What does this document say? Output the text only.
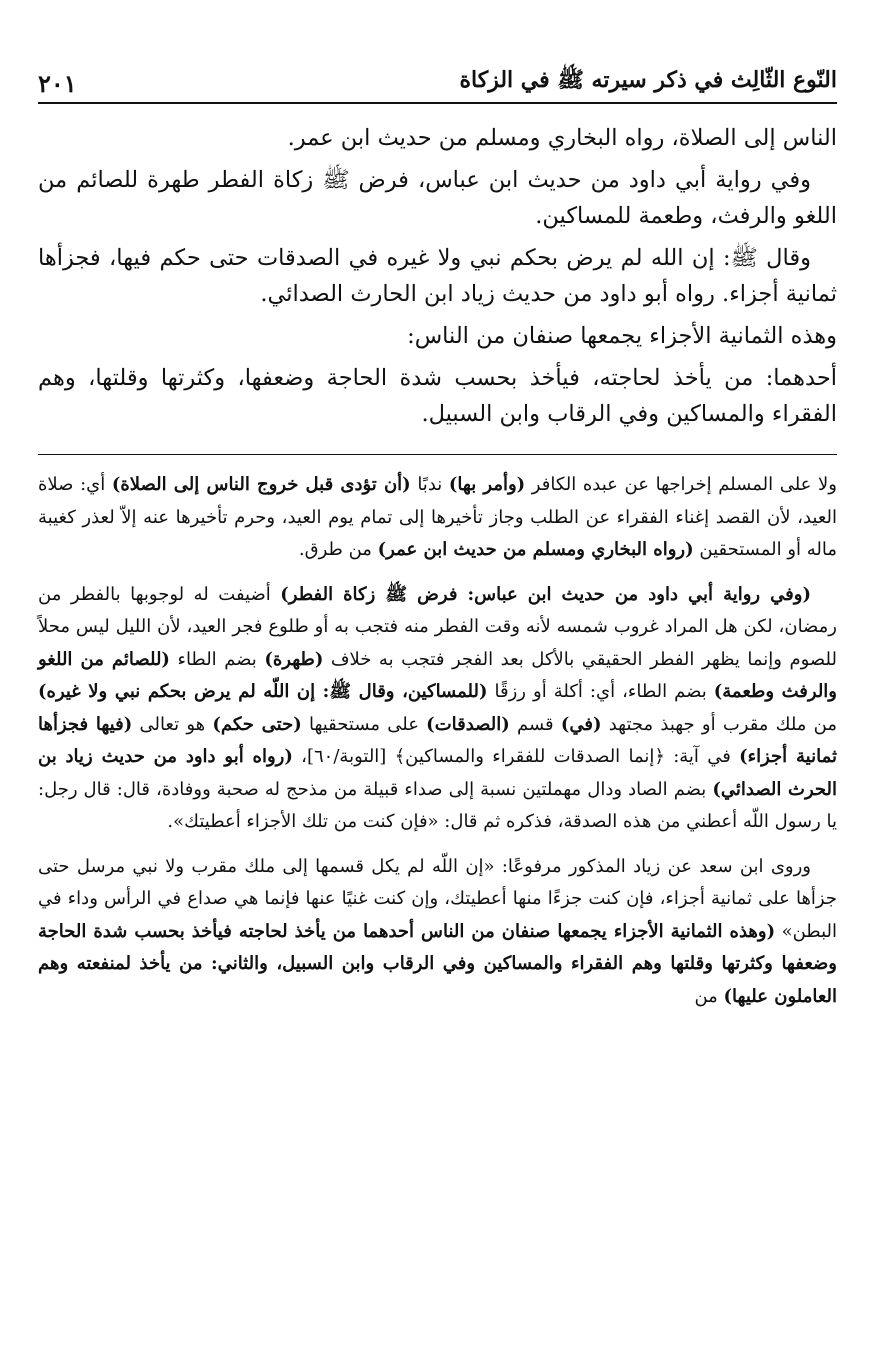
النّوع الثّالِث في ذكر سيرته ﷺ في الزكاة
٢٠١

الناس إلى الصلاة، رواه البخاري ومسلم من حديث ابن عمر.

وفي رواية أبي داود من حديث ابن عباس، فرض ﷺ زكاة الفطر طهرة للصائم من اللغو والرفث، وطعمة للمساكين.

وقال ﷺ: إن الله لم يرض بحكم نبي ولا غيره في الصدقات حتى حكم فيها، فجزأها ثمانية أجزاء. رواه أبو داود من حديث زياد ابن الحارث الصدائي.

وهذه الثمانية الأجزاء يجمعها صنفان من الناس:

أحدهما: من يأخذ لحاجته، فيأخذ بحسب شدة الحاجة وضعفها، وكثرتها وقلتها، وهم الفقراء والمساكين وفي الرقاب وابن السبيل.

ولا على المسلم إخراجها عن عبده الكافر (وأمر بها) ندبًا (أن تؤدى قبل خروج الناس إلى الصلاة) أي: صلاة العيد، لأن القصد إغناء الفقراء عن الطلب وجاز تأخيرها إلى تمام يوم العيد، وحرم تأخيرها عنه إلاّ لعذر كغيبة ماله أو المستحقين (رواه البخاري ومسلم من حديث ابن عمر) من طرق.

(وفي رواية أبي داود من حديث ابن عباس: فرض ﷺ زكاة الفطر) أضيفت له لوجوبها بالفطر من رمضان، لكن هل المراد غروب شمسه لأنه وقت الفطر منه فتجب به أو طلوع فجر العيد، لأن الليل ليس محلاً للصوم وإنما يظهر الفطر الحقيقي بالأكل بعد الفجر فتجب به خلاف (طهرة) بضم الطاء (للصائم من اللغو والرفث وطعمة) بضم الطاء، أي: أكلة أو رزقًا (للمساكين، وقال ﷺ: إن اللّه لم يرض بحكم نبي ولا غيره) من ملك مقرب أو جهبذ مجتهد (في) قسم (الصدقات) على مستحقيها (حتى حكم) هو تعالى (فيها فجزأها ثمانية أجزاء) في آية: ﴿إنما الصدقات للفقراء والمساكين﴾ [التوبة/٦٠]، (رواه أبو داود من حديث زياد بن الحرث الصدائي) بضم الصاد ودال مهملتين نسبة إلى صداء قبيلة من مذحج له صحبة ووفادة، قال: قال رجل: يا رسول اللّه أعطني من هذه الصدقة، فذكره ثم قال: «فإن كنت من تلك الأجزاء أعطيتك».

وروى ابن سعد عن زياد المذكور مرفوعًا: «إن اللّه لم يكل قسمها إلى ملك مقرب ولا نبي مرسل حتى جزأها على ثمانية أجزاء، فإن كنت جزءًا منها أعطيتك، وإن كنت غنيًا عنها فإنما هي صداع في الرأس وداء في البطن» (وهذه الثمانية الأجزاء يجمعها صنفان من الناس أحدهما من يأخذ لحاجته فيأخذ بحسب شدة الحاجة وضعفها وكثرتها وقلتها وهم الفقراء والمساكين وفي الرقاب وابن السبيل، والثاني: من يأخذ لمنفعته وهم العاملون عليها) من
